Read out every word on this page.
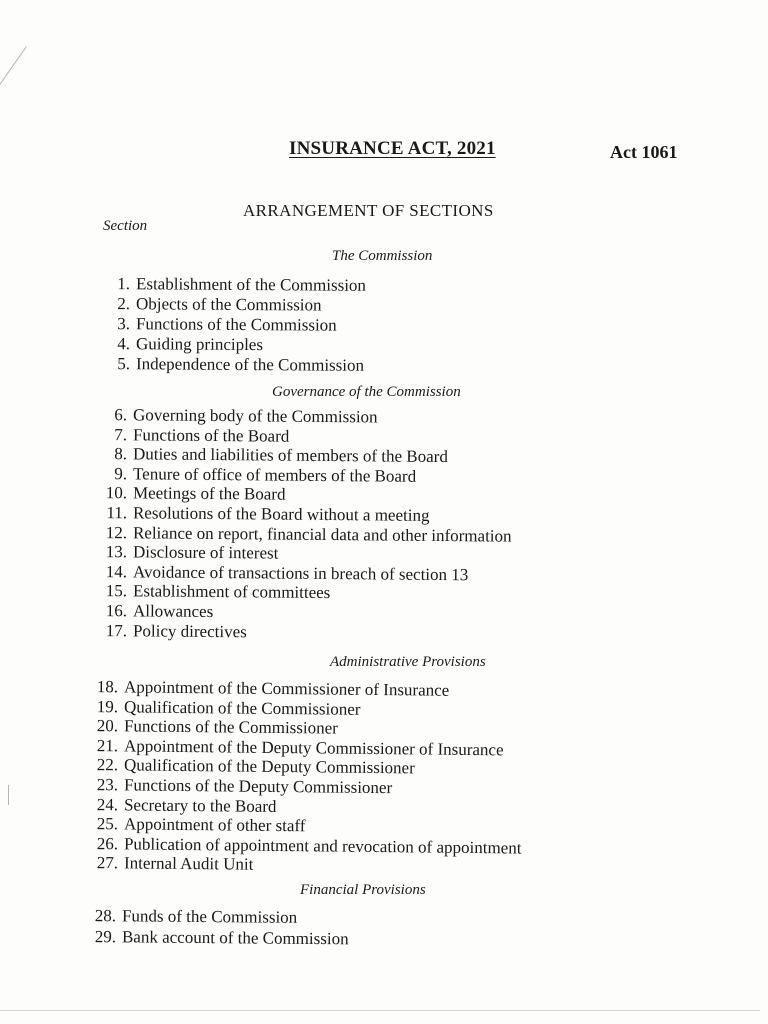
INSURANCE ACT, 2021	Act 1061
ARRANGEMENT OF SECTIONS
Section
The Commission
1. Establishment of the Commission
2. Objects of the Commission
3. Functions of the Commission
4. Guiding principles
5. Independence of the Commission
Governance of the Commission
6. Governing body of the Commission
7. Functions of the Board
8. Duties and liabilities of members of the Board
9. Tenure of office of members of the Board
10. Meetings of the Board
11. Resolutions of the Board without a meeting
12. Reliance on report, financial data and other information
13. Disclosure of interest
14. Avoidance of transactions in breach of section 13
15. Establishment of committees
16. Allowances
17. Policy directives
Administrative Provisions
18. Appointment of the Commissioner of Insurance
19. Qualification of the Commissioner
20. Functions of the Commissioner
21. Appointment of the Deputy Commissioner of Insurance
22. Qualification of the Deputy Commissioner
23. Functions of the Deputy Commissioner
24. Secretary to the Board
25. Appointment of other staff
26. Publication of appointment and revocation of appointment
27. Internal Audit Unit
Financial Provisions
28. Funds of the Commission
29. Bank account of the Commission
